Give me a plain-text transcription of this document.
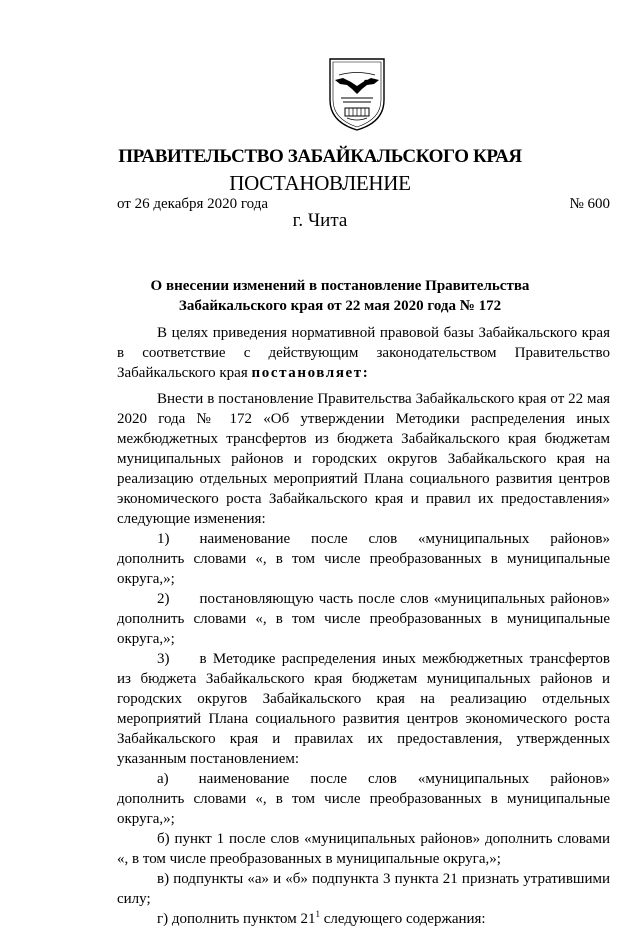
ПРАВИТЕЛЬСТВО ЗАБАЙКАЛЬСКОГО КРАЯ
ПОСТАНОВЛЕНИЕ
от 26 декабря 2020 года	№ 600
г. Чита
О внесении изменений в постановление Правительства
Забайкальского края от 22 мая 2020 года № 172

В целях приведения нормативной правовой базы Забайкальского края в соответствие с действующим законодательством Правительство Забайкальского края постановляет:

Внести в постановление Правительства Забайкальского края от 22 мая 2020 года № 172 «Об утверждении Методики распределения иных межбюджетных трансфертов из бюджета Забайкальского края бюджетам муниципальных районов и городских округов Забайкальского края на реализацию отдельных мероприятий Плана социального развития центров экономического роста Забайкальского края и правил их предоставления» следующие изменения:

1)  наименование после слов «муниципальных районов» дополнить словами «, в том числе преобразованных в муниципальные округа,»;

2)  постановляющую часть после слов «муниципальных районов» дополнить словами «, в том числе преобразованных в муниципальные округа,»;

3)  в Методике распределения иных межбюджетных трансфертов из бюджета Забайкальского края бюджетам муниципальных районов и городских округов Забайкальского края на реализацию отдельных мероприятий Плана социального развития центров экономического роста Забайкальского края и правилах их предоставления, утвержденных указанным постановлением:

а)  наименование после слов «муниципальных районов» дополнить словами «, в том числе преобразованных в муниципальные округа,»;

б) пункт 1 после слов «муниципальных районов» дополнить словами «, в том числе преобразованных в муниципальные округа,»;

в) подпункты «а» и «б» подпункта 3 пункта 21 признать утратившими силу;

г) дополнить пунктом $21^1$ следующего содержания:
